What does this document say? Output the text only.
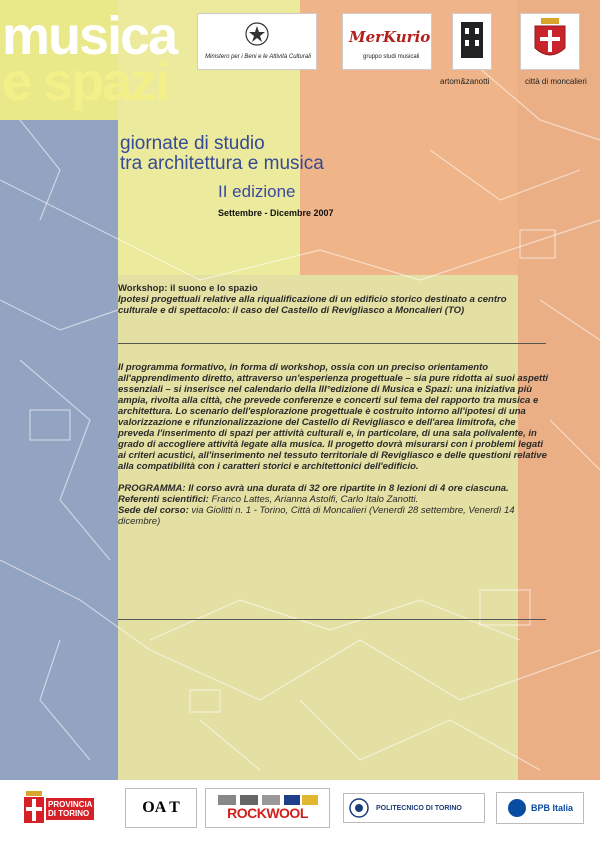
Ministero per i Beni e le Attività Culturali
MerKurio
gruppo studi musicali
artom&zanotti	città di moncalieri
musica
e spazi
giornate di studio
tra architettura e musica
II edizione
Settembre - Dicembre 2007
Workshop: il suono e lo spazio
Ipotesi progettuali relative alla riqualificazione di un edificio storico destinato a centro culturale e di spettacolo: il caso del Castello di Revigliasco a Moncalieri (TO)
Il programma formativo, in forma di workshop, ossia con un preciso orientamento all'apprendimento diretto, attraverso un'esperienza progettuale – sia pure ridotta ai suoi aspetti essenziali – si inserisce nel calendario della III°edizione di Musica e Spazi: una iniziativa più ampia, rivolta alla città, che prevede conferenze e concerti sul tema del rapporto tra musica e architettura. Lo scenario dell'esplorazione progettuale è costruito intorno all'ipotesi di una valorizzazione e rifunzionalizzazione del Castello di Revigliasco e dell'area limitrofa, che preveda l'inserimento di spazi per attività culturali e, in particolare, di una sala polivalente, in grado di accogliere attività legate alla musica. Il progetto dovrà misurarsi con i problemi legati ai criteri acustici, all'inserimento nel tessuto territoriale di Revigliasco e delle questioni relative alla compatibilità con i caratteri storici e architettonici dell'edificio.
PROGRAMMA: Il corso avrà una durata di 32 ore ripartite in 8 lezioni di 4 ore ciascuna.
Referenti scientifici: Franco Lattes, Arianna Astolfi, Carlo Italo Zanotti.
Sede del corso: via Giolitti n. 1 - Torino, Città di Moncalieri (Venerdì 28 settembre, Venerdì 14 dicembre)
PROVINCIA
DI TORINO	OA T	ROCKWOOL	POLITECNICO DI TORINO	BPB Italia
